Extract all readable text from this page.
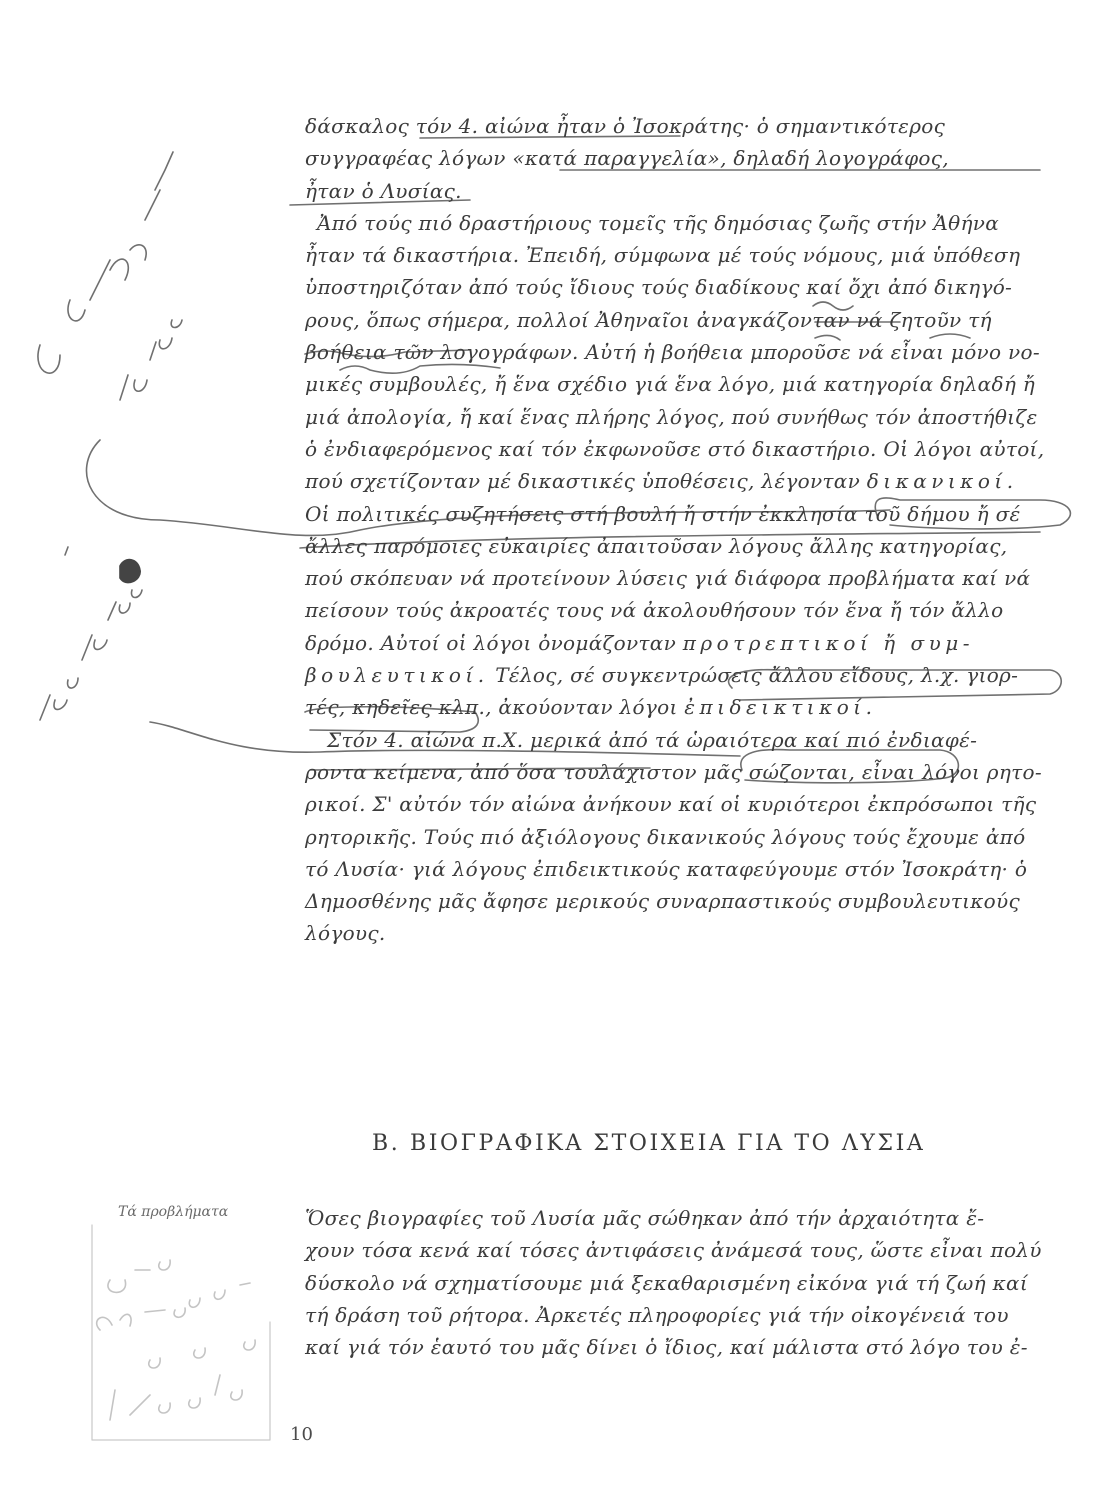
δάσκαλος τόν 4. αἰώνα ἦταν ὁ Ἰσοκράτης· ὁ σημαντικότερος
συγγραφέας λόγων «κατά παραγγελία», δηλαδή λογογράφος,
ἦταν ὁ Λυσίας.
Ἀπό τούς πιό δραστήριους τομεῖς τῆς δημόσιας ζωῆς στήν Ἀθήνα
ἦταν τά δικαστήρια. Ἐπειδή, σύμφωνα μέ τούς νόμους, μιά ὑπόθεση
ὑποστηριζόταν ἀπό τούς ἴδιους τούς διαδίκους καί ὄχι ἀπό δικηγό-
ρους, ὅπως σήμερα, πολλοί Ἀθηναῖοι ἀναγκάζονταν νά ζητοῦν τή
βοήθεια τῶν λογογράφων. Αὐτή ἡ βοήθεια μποροῦσε νά εἶναι μόνο νο-
μικές συμβουλές, ἤ ἕνα σχέδιο γιά ἕνα λόγο, μιά κατηγορία δηλαδή ἤ
μιά ἀπολογία, ἤ καί ἕνας πλήρης λόγος, πού συνήθως τόν ἀποστήθιζε
ὁ ἐνδιαφερόμενος καί τόν ἐκφωνοῦσε στό δικαστήριο. Οἱ λόγοι αὐτοί,
πού σχετίζονταν μέ δικαστικές ὑποθέσεις, λέγονταν δικανικοί.
Οἱ πολιτικές συζητήσεις στή βουλή ἤ στήν ἐκκλησία τοῦ δήμου ἤ σέ
ἄλλες παρόμοιες εὐκαιρίες ἀπαιτοῦσαν λόγους ἄλλης κατηγορίας,
πού σκόπευαν νά προτείνουν λύσεις γιά διάφορα προβλήματα καί νά
πείσουν τούς ἀκροατές τους νά ἀκολουθήσουν τόν ἕνα ἤ τόν ἄλλο
δρόμο. Αὐτοί οἱ λόγοι ὀνομάζονταν προτρεπτικοί ἤ συμ-
βουλευτικοί. Τέλος, σέ συγκεντρώσεις ἄλλου εἴδους, λ.χ. γιορ-
τές, κηδεῖες κλπ., ἀκούονταν λόγοι ἐπιδεικτικοί.
Στόν 4. αἰώνα π.Χ. μερικά ἀπό τά ὡραιότερα καί πιό ἐνδιαφέ-
ροντα κείμενα, ἀπό ὅσα τουλάχιστον μᾶς σώζονται, εἶναι λόγοι ρητο-
ρικοί. Σ' αὐτόν τόν αἰώνα ἀνήκουν καί οἱ κυριότεροι ἐκπρόσωποι τῆς
ρητορικῆς. Τούς πιό ἀξιόλογους δικανικούς λόγους τούς ἔχουμε ἀπό
τό Λυσία· γιά λόγους ἐπιδεικτικούς καταφεύγουμε στόν Ἰσοκράτη· ὁ
Δημοσθένης μᾶς ἄφησε μερικούς συναρπαστικούς συμβουλευτικούς
λόγους.
Β. ΒΙΟΓΡΑΦΙΚΑ ΣΤΟΙΧΕΙΑ ΓΙΑ ΤΟ ΛΥΣΙΑ
Τά προβλήματα	Ὅσες βιογραφίες τοῦ Λυσία μᾶς σώθηκαν ἀπό τήν ἀρχαιότητα ἔ-
χουν τόσα κενά καί τόσες ἀντιφάσεις ἀνάμεσά τους, ὥστε εἶναι πολύ
δύσκολο νά σχηματίσουμε μιά ξεκαθαρισμένη εἰκόνα γιά τή ζωή καί
τή δράση τοῦ ρήτορα. Ἀρκετές πληροφορίες γιά τήν οἰκογένειά του
καί γιά τόν ἑαυτό του μᾶς δίνει ὁ ἴδιος, καί μάλιστα στό λόγο του ἐ-
10
